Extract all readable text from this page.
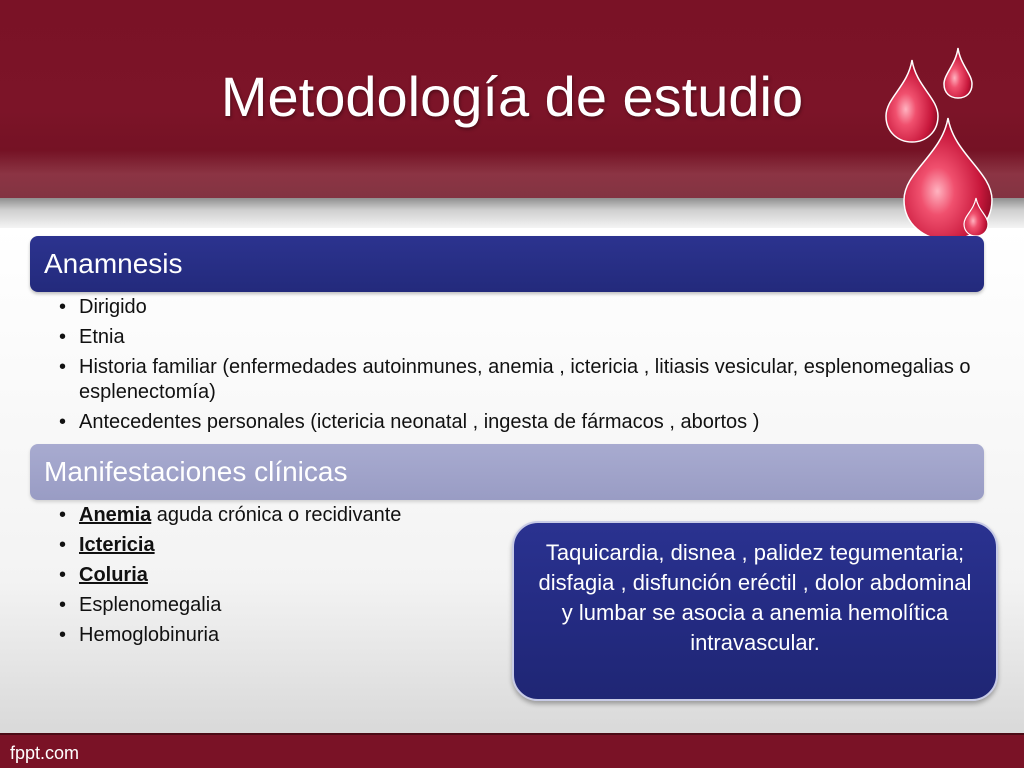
Metodología de estudio
Anamnesis
• Dirigido
• Etnia
• Historia familiar (enfermedades autoinmunes, anemia , ictericia , litiasis vesicular, esplenomegalias o esplenectomía)
• Antecedentes personales (ictericia neonatal , ingesta de fármacos , abortos )
Manifestaciones clínicas
• Anemia aguda crónica o recidivante
• Ictericia
• Coluria
• Esplenomegalia
• Hemoglobinuria
Taquicardia, disnea , palidez tegumentaria; disfagia , disfunción eréctil , dolor abdominal y lumbar se asocia a anemia hemolítica intravascular.
fppt.com
